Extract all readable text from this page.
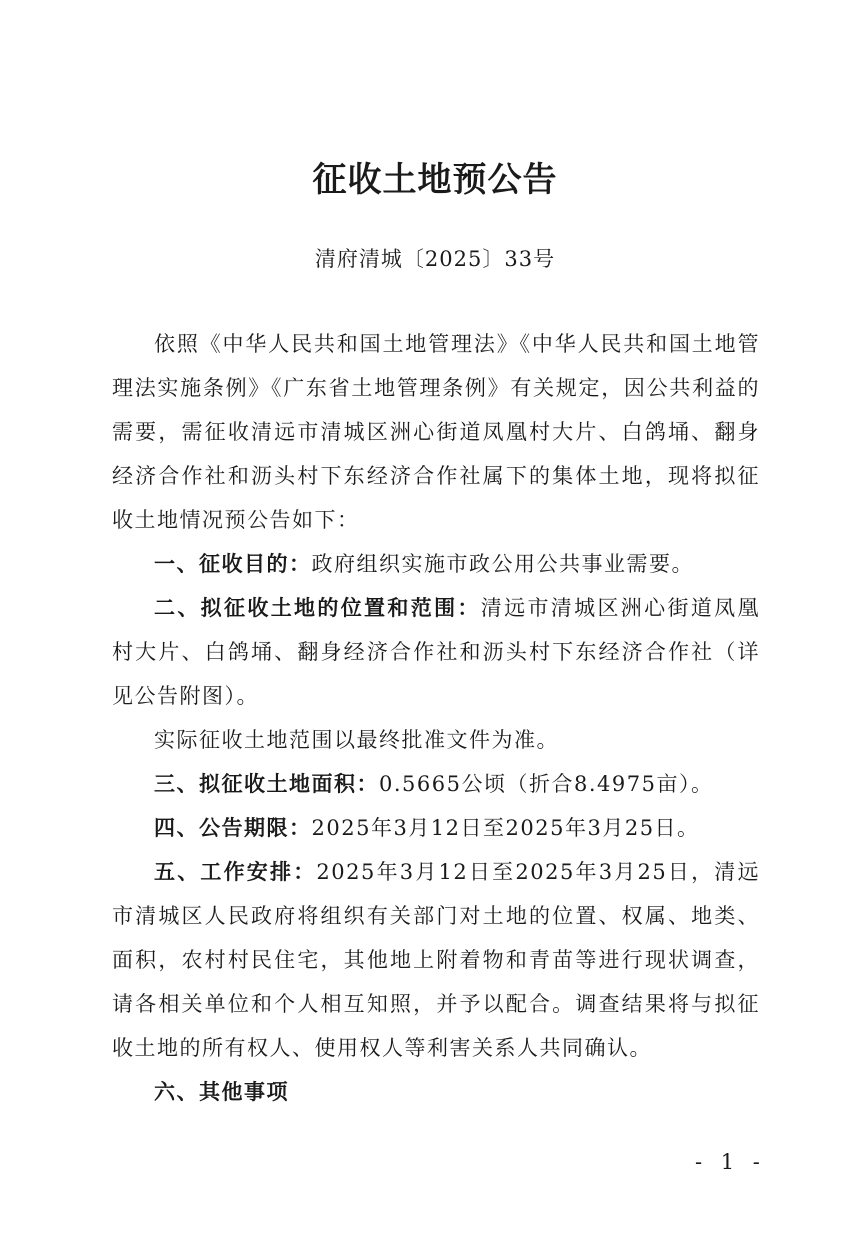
征收土地预公告
清府清城〔2025〕33号

依照《中华人民共和国土地管理法》《中华人民共和国土地管理法实施条例》《广东省土地管理条例》有关规定，因公共利益的需要，需征收清远市清城区洲心街道凤凰村大片、白鸽埇、翻身经济合作社和沥头村下东经济合作社属下的集体土地，现将拟征收土地情况预公告如下：

一、征收目的：政府组织实施市政公用公共事业需要。

二、拟征收土地的位置和范围：清远市清城区洲心街道凤凰村大片、白鸽埇、翻身经济合作社和沥头村下东经济合作社（详见公告附图）。

实际征收土地范围以最终批准文件为准。

三、拟征收土地面积：0.5665公顷（折合8.4975亩）。

四、公告期限：2025年3月12日至2025年3月25日。

五、工作安排：2025年3月12日至2025年3月25日，清远市清城区人民政府将组织有关部门对土地的位置、权属、地类、面积，农村村民住宅，其他地上附着物和青苗等进行现状调查，请各相关单位和个人相互知照，并予以配合。调查结果将与拟征收土地的所有权人、使用权人等利害关系人共同确认。

六、其他事项

- 1 -
